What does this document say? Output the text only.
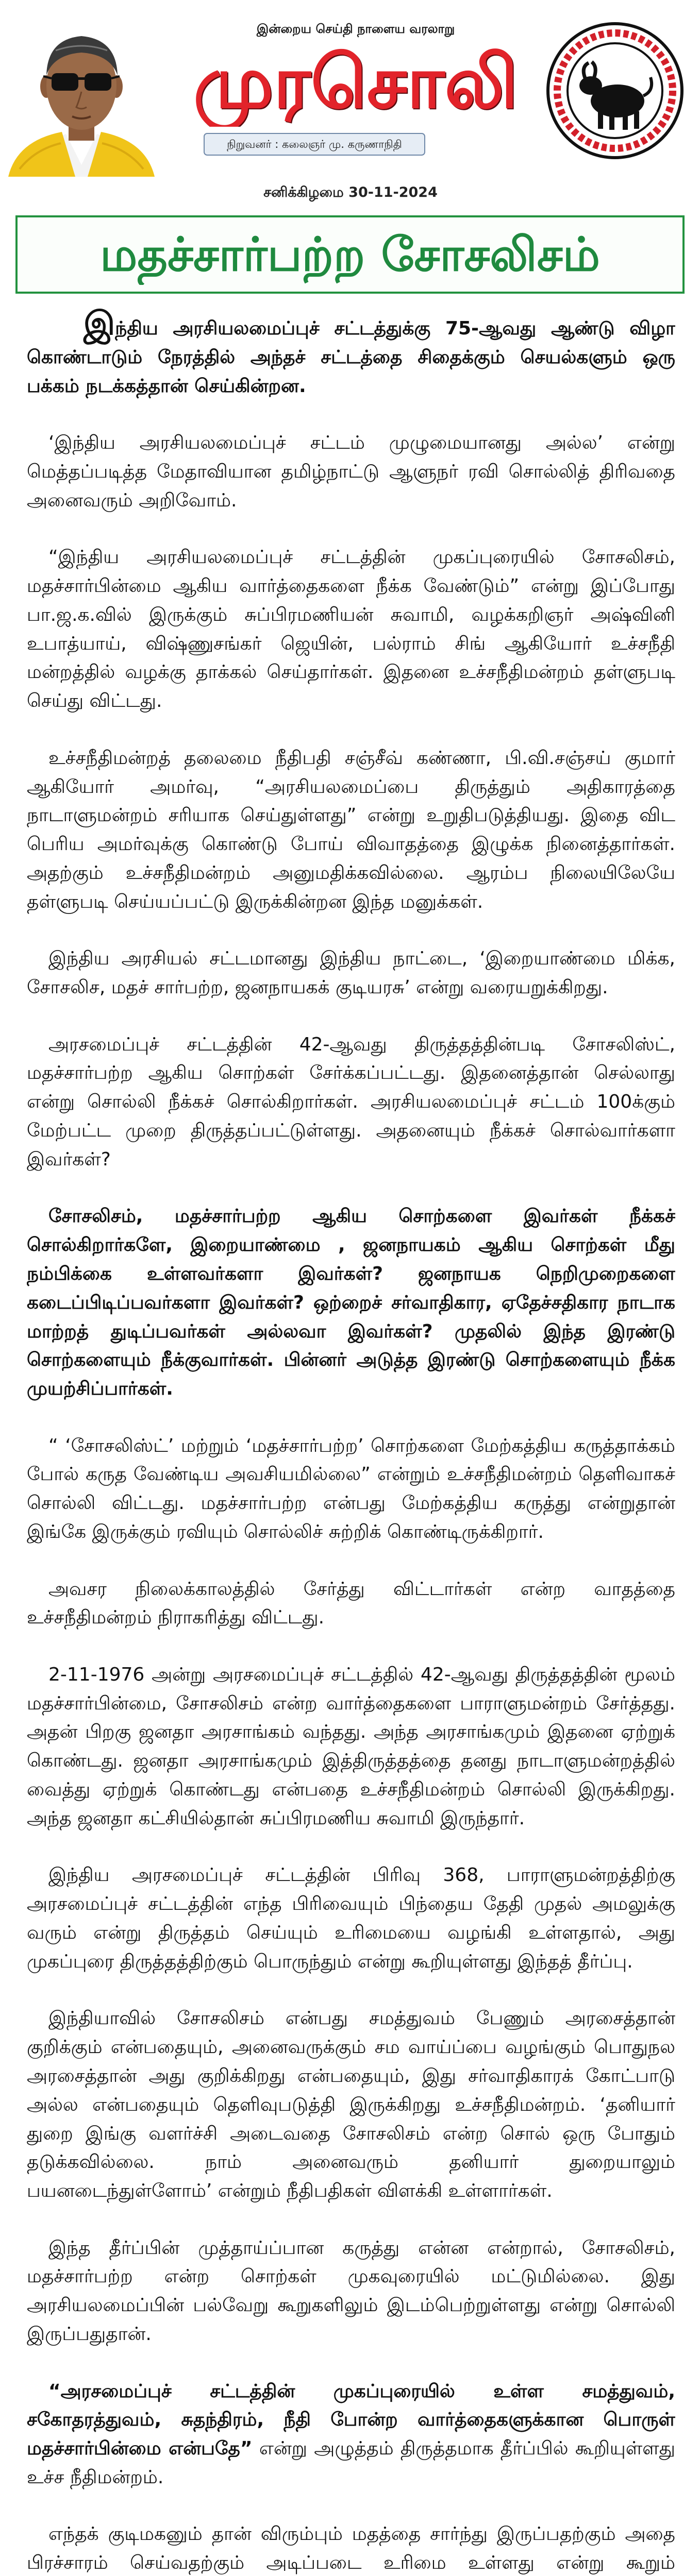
இன்றைய செய்தி நாளைய வரலாறு
முரசொலி
நிறுவனர் : கலைஞர் மு. கருணாநிதி
சனிக்கிழமை 30-11-2024
மதச்சார்பற்ற சோசலிசம்

இந்திய அரசியலமைப்புச் சட்டத்துக்கு 75-ஆவது ஆண்டு விழா கொண்டாடும் நேரத்தில் அந்தச் சட்டத்தை சிதைக்கும் செயல்களும் ஒரு பக்கம் நடக்கத்தான் செய்கின்றன.

‘இந்திய அரசியலமைப்புச் சட்டம் முழுமையானது அல்ல’ என்று மெத்தப்படித்த மேதாவியான தமிழ்நாட்டு ஆளுநர் ரவி சொல்லித் திரிவதை அனைவரும் அறிவோம்.

“இந்திய அரசியலமைப்புச் சட்டத்தின் முகப்புரையில் சோசலிசம், மதச்சார்பின்மை ஆகிய வார்த்தைகளை நீக்க வேண்டும்” என்று இப்போது பா.ஜ.க.வில் இருக்கும் சுப்பிரமணியன் சுவாமி, வழக்கறிஞர் அஷ்வினி உபாத்யாய், விஷ்ணுசங்கர் ஜெயின், பல்ராம் சிங் ஆகியோர் உச்சநீதி மன்றத்தில் வழக்கு தாக்கல் செய்தார்கள். இதனை உச்சநீதிமன்றம் தள்ளுபடி செய்து விட்டது.

உச்சநீதிமன்றத் தலைமை நீதிபதி சஞ்சீவ் கண்ணா, பி.வி.சஞ்சய் குமார் ஆகியோர் அமர்வு, “அரசியலமைப்பை திருத்தும் அதிகாரத்தை நாடாளுமன்றம் சரியாக செய்துள்ளது” என்று உறுதிபடுத்தியது. இதை விட பெரிய அமர்வுக்கு கொண்டு போய் விவாதத்தை இழுக்க நினைத்தார்கள். அதற்கும் உச்சநீதிமன்றம் அனுமதிக்கவில்லை. ஆரம்ப நிலையிலேயே தள்ளுபடி செய்யப்பட்டு இருக்கின்றன இந்த மனுக்கள்.

இந்திய அரசியல் சட்டமானது இந்திய நாட்டை, ‘இறையாண்மை மிக்க, சோசலிச, மதச் சார்பற்ற, ஜனநாயகக் குடியரசு’ என்று வரையறுக்கிறது.

அரசமைப்புச் சட்டத்தின் 42-ஆவது திருத்தத்தின்படி சோசலிஸ்ட், மதச்சார்பற்ற ஆகிய சொற்கள் சேர்க்கப்பட்டது. இதனைத்தான் செல்லாது என்று சொல்லி நீக்கச் சொல்கிறார்கள். அரசியலமைப்புச் சட்டம் 100க்கும் மேற்பட்ட முறை திருத்தப்பட்டுள்ளது. அதனையும் நீக்கச் சொல்வார்களா இவர்கள்?

சோசலிசம், மதச்சார்பற்ற ஆகிய சொற்களை இவர்கள் நீக்கச் சொல்கிறார்களே, இறையாண்மை , ஜனநாயகம் ஆகிய சொற்கள் மீது நம்பிக்கை உள்ளவர்களா இவர்கள்? ஜனநாயக நெறிமுறைகளை கடைப்பிடிப்பவர்களா இவர்கள்? ஒற்றைச் சர்வாதிகார, ஏதேச்சதிகார நாடாக மாற்றத் துடிப்பவர்கள் அல்லவா இவர்கள்? முதலில் இந்த இரண்டு சொற்களையும் நீக்குவார்கள். பின்னர் அடுத்த இரண்டு சொற்களையும் நீக்க முயற்சிப்பார்கள்.

“ ‘சோசலிஸ்ட்’ மற்றும் ‘மதச்சார்பற்ற’ சொற்களை மேற்கத்திய கருத்தாக்கம் போல் கருத வேண்டிய அவசியமில்லை” என்றும் உச்சநீதிமன்றம் தெளிவாகச் சொல்லி விட்டது. மதச்சார்பற்ற என்பது மேற்கத்திய கருத்து என்றுதான் இங்கே இருக்கும் ரவியும் சொல்லிச் சுற்றிக் கொண்டிருக்கிறார்.

அவசர நிலைக்காலத்தில் சேர்த்து விட்டார்கள் என்ற வாதத்தை உச்சநீதிமன்றம் நிராகரித்து விட்டது.

2-11-1976 அன்று அரசமைப்புச் சட்டத்தில் 42-ஆவது திருத்தத்தின் மூலம் மதச்சார்பின்மை, சோசலிசம் என்ற வார்த்தைகளை பாராளுமன்றம் சேர்த்தது. அதன் பிறகு ஜனதா அரசாங்கம் வந்தது. அந்த அரசாங்கமும் இதனை ஏற்றுக் கொண்டது. ஜனதா அரசாங்கமும் இத்திருத்தத்தை தனது நாடாளுமன்றத்தில் வைத்து ஏற்றுக் கொண்டது என்பதை உச்சநீதிமன்றம் சொல்லி இருக்கிறது. அந்த ஜனதா கட்சியில்தான் சுப்பிரமணிய சுவாமி இருந்தார்.

இந்திய அரசமைப்புச் சட்டத்தின் பிரிவு 368, பாராளுமன்றத்திற்கு அரசமைப்புச் சட்டத்தின் எந்த பிரிவையும் பிந்தைய தேதி முதல் அமலுக்கு வரும் என்று திருத்தம் செய்யும் உரிமையை வழங்கி உள்ளதால், அது முகப்புரை திருத்தத்திற்கும் பொருந்தும் என்று கூறியுள்ளது இந்தத் தீர்ப்பு.

இந்தியாவில் சோசலிசம் என்பது சமத்துவம் பேணும் அரசைத்தான் குறிக்கும் என்பதையும், அனைவருக்கும் சம வாய்ப்பை வழங்கும் பொதுநல அரசைத்தான் அது குறிக்கிறது என்பதையும், இது சர்வாதிகாரக் கோட்பாடு அல்ல என்பதையும் தெளிவுபடுத்தி இருக்கிறது உச்சநீதிமன்றம். ‘தனியார் துறை இங்கு வளர்ச்சி அடைவதை சோசலிசம் என்ற சொல் ஒரு போதும் தடுக்கவில்லை. நாம் அனைவரும் தனியார் துறையாலும் பயனடைந்துள்ளோம்’ என்றும் நீதிபதிகள் விளக்கி உள்ளார்கள்.

இந்த தீர்ப்பின் முத்தாய்ப்பான கருத்து என்ன என்றால், சோசலிசம், மதச்சார்பற்ற என்ற சொற்கள் முகவுரையில் மட்டுமில்லை. இது அரசியலமைப்பின் பல்வேறு கூறுகளிலும் இடம்பெற்றுள்ளது என்று சொல்லி இருப்பதுதான்.

“அரசமைப்புச் சட்டத்தின் முகப்புரையில் உள்ள சமத்துவம், சகோதரத்துவம், சுதந்திரம், நீதி போன்ற வார்த்தைகளுக்கான பொருள் மதச்சார்பின்மை என்பதே” என்று அழுத்தம் திருத்தமாக தீர்ப்பில் கூறியுள்ளது உச்ச நீதிமன்றம்.

எந்தக் குடிமகனும் தான் விரும்பும் மதத்தை சார்ந்து இருப்பதற்கும் அதை பிரச்சாரம் செய்வதற்கும் அடிப்படை உரிமை உள்ளது என்று கூறும்
